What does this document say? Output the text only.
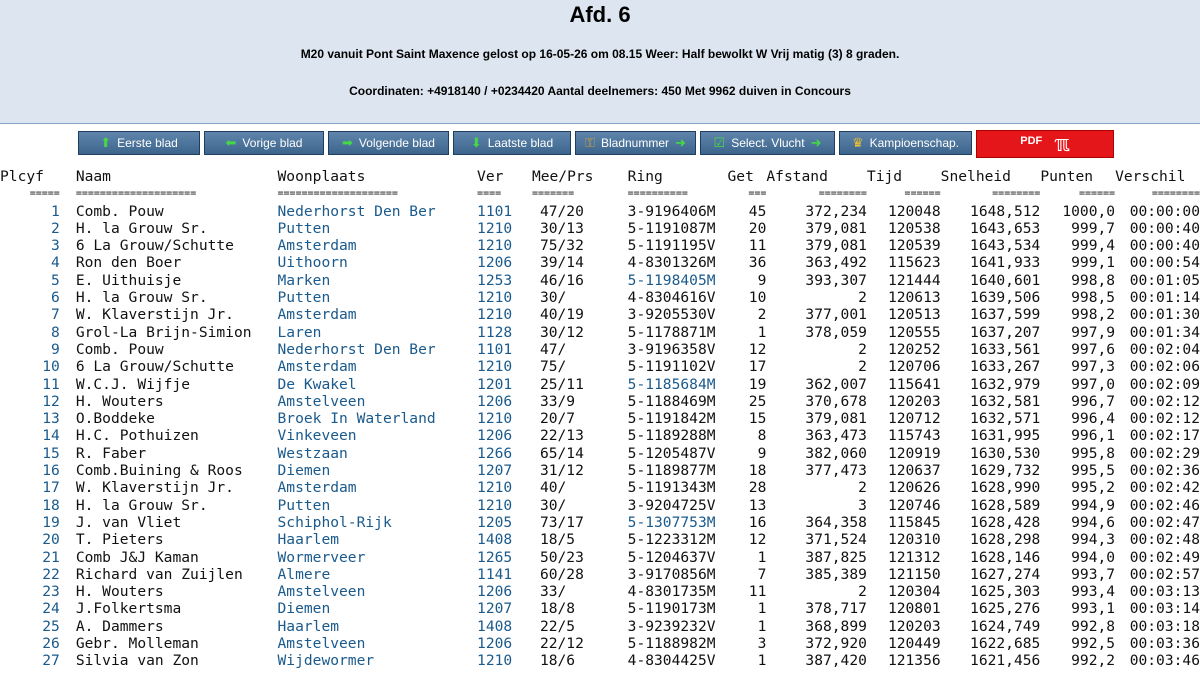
Afd. 6
M20 vanuit Pont Saint Maxence gelost op 16-05-26 om 08.15 Weer: Half bewolkt W Vrij matig (3) 8 graden.
Coordinaten: +4918140 / +0234420 Aantal deelnemers: 450 Met 9962 duiven in Concours
⬆ Eerste blad	⬅ Vorige blad	➡ Volgende blad	⬇ Laatste blad ⚿ Bladnummer ➜ ☑ Select. Vlucht ➜ ♛ Kampioenschap.	PDF ℼ
Plcyf	Naam	Woonplaats	Ver	Mee/Prs	Ring	Get	Afstand	Tijd	Snelheid	Punten	Verschil
=====	====================	====================	====	=======	==========	===	========	======	========	======	========
1	Comb. Pouw	Nederhorst Den Ber	1101	47/20	3-9196406M	45	372,234	120048	1648,512	1000,0	00:00:00
2	H. la Grouw Sr.	Putten	1210	30/13	5-1191087M	20	379,081	120538	1643,653	999,7	00:00:40
3	6 La Grouw/Schutte	Amsterdam	1210	75/32	5-1191195V	11	379,081	120539	1643,534	999,4	00:00:40
4	Ron den Boer	Uithoorn	1206	39/14	4-8301326M	36	363,492	115623	1641,933	999,1	00:00:54
5	E. Uithuisje	Marken	1253	46/16	5-1198405M	9	393,307	121444	1640,601	998,8	00:01:05
6	H. la Grouw Sr.	Putten	1210	30/	4-8304616V	10	2	120613	1639,506	998,5	00:01:14
7	W. Klaverstijn Jr.	Amsterdam	1210	40/19	3-9205530V	2	377,001	120513	1637,599	998,2	00:01:30
8	Grol-La Brijn-Simion	Laren	1128	30/12	5-1178871M	1	378,059	120555	1637,207	997,9	00:01:34
9	Comb. Pouw	Nederhorst Den Ber	1101	47/	3-9196358V	12	2	120252	1633,561	997,6	00:02:04
10	6 La Grouw/Schutte	Amsterdam	1210	75/	5-1191102V	17	2	120706	1633,267	997,3	00:02:06
11	W.C.J. Wijfje	De Kwakel	1201	25/11	5-1185684M	19	362,007	115641	1632,979	997,0	00:02:09
12	H. Wouters	Amstelveen	1206	33/9	5-1188469M	25	370,678	120203	1632,581	996,7	00:02:12
13	O.Boddeke	Broek In Waterland	1210	20/7	5-1191842M	15	379,081	120712	1632,571	996,4	00:02:12
14	H.C. Pothuizen	Vinkeveen	1206	22/13	5-1189288M	8	363,473	115743	1631,995	996,1	00:02:17
15	R. Faber	Westzaan	1266	65/14	5-1205487V	9	382,060	120919	1630,530	995,8	00:02:29
16	Comb.Buining & Roos	Diemen	1207	31/12	5-1189877M	18	377,473	120637	1629,732	995,5	00:02:36
17	W. Klaverstijn Jr.	Amsterdam	1210	40/	5-1191343M	28	2	120626	1628,990	995,2	00:02:42
18	H. la Grouw Sr.	Putten	1210	30/	3-9204725V	13	3	120746	1628,589	994,9	00:02:46
19	J. van Vliet	Schiphol-Rijk	1205	73/17	5-1307753M	16	364,358	115845	1628,428	994,6	00:02:47
20	T. Pieters	Haarlem	1408	18/5	5-1223312M	12	371,524	120310	1628,298	994,3	00:02:48
21	Comb J&J Kaman	Wormerveer	1265	50/23	5-1204637V	1	387,825	121312	1628,146	994,0	00:02:49
22	Richard van Zuijlen	Almere	1141	60/28	3-9170856M	7	385,389	121150	1627,274	993,7	00:02:57
23	H. Wouters	Amstelveen	1206	33/	4-8301735M	11	2	120304	1625,303	993,4	00:03:13
24	J.Folkertsma	Diemen	1207	18/8	5-1190173M	1	378,717	120801	1625,276	993,1	00:03:14
25	A. Dammers	Haarlem	1408	22/5	3-9239232V	1	368,899	120203	1624,749	992,8	00:03:18
26	Gebr. Molleman	Amstelveen	1206	22/12	5-1188982M	3	372,920	120449	1622,685	992,5	00:03:36
27	Silvia van Zon	Wijdewormer	1210	18/6	4-8304425V	1	387,420	121356	1621,456	992,2	00:03:46
